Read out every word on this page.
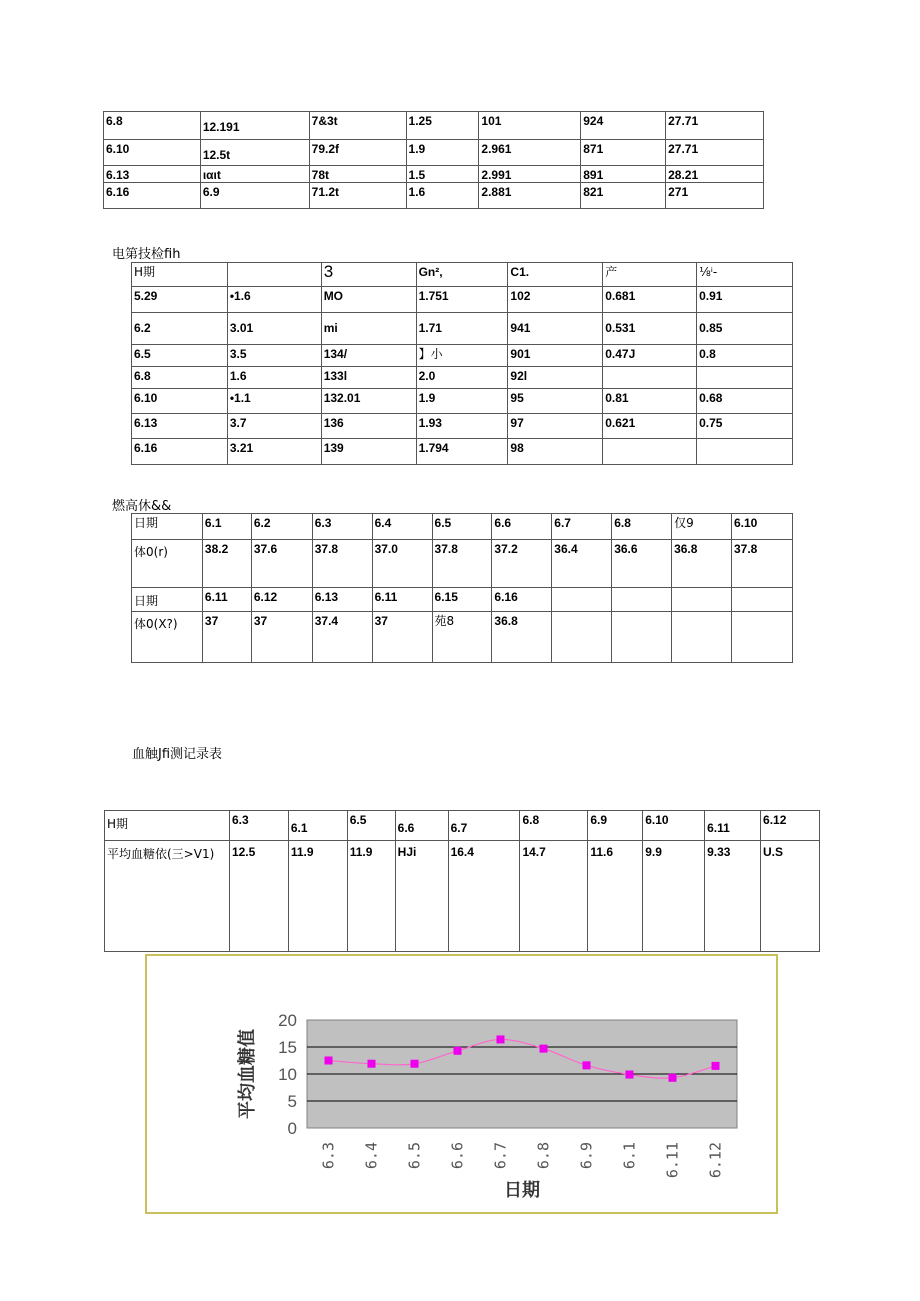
6.8	12.191	7&3t	1.25	101	924	27.71
6.10	12.5t	79.2f	1.9	2.961	871	27.71
6.13	ιαιt	78t	1.5	2.991	891	28.21
6.16	6.9	71.2t	1.6	2.881	821	271
电第技检fih
H期		3	Gn²,	C1.	产	⅛ⁱ-
5.29	•1.6	MO	1.751	102	0.681	0.91
6.2	3.01	mi	1.71	941	0.531	0.85
6.5	3.5	134/	】小	901	0.47J	0.8
6.8	1.6	133l	2.0	92l		
6.10	•1.1	132.01	1.9	95	0.81	0.68
6.13	3.7	136	1.93	97	0.621	0.75
6.16	3.21	139	1.794	98		
燃高休&&
日期	6.1	6.2	6.3	6.4	6.5	6.6	6.7	6.8	仅9	6.10
体0(r)	38.2	37.6	37.8	37.0	37.8	37.2	36.4	36.6	36.8	37.8
日期	6.11	6.12	6.13	6.11	6.15	6.16				
体0(X?)	37	37	37.4	37	苑8	36.8				
血触Jfi测记录表
H期	6.3	6.1	6.5	6.6	6.7	6.8	6.9	6.10	6.11	6.12
平均血糖依(三>V1)	12.5	11.9	11.9	HJi	16.4	14.7	11.6	9.9	9.33	U.S
0
5
10
15
20
6.3 6.4 6.5 6.6 6.7 6.8 6.9 6.1 6.11 6.12
日期
平均血糖值
